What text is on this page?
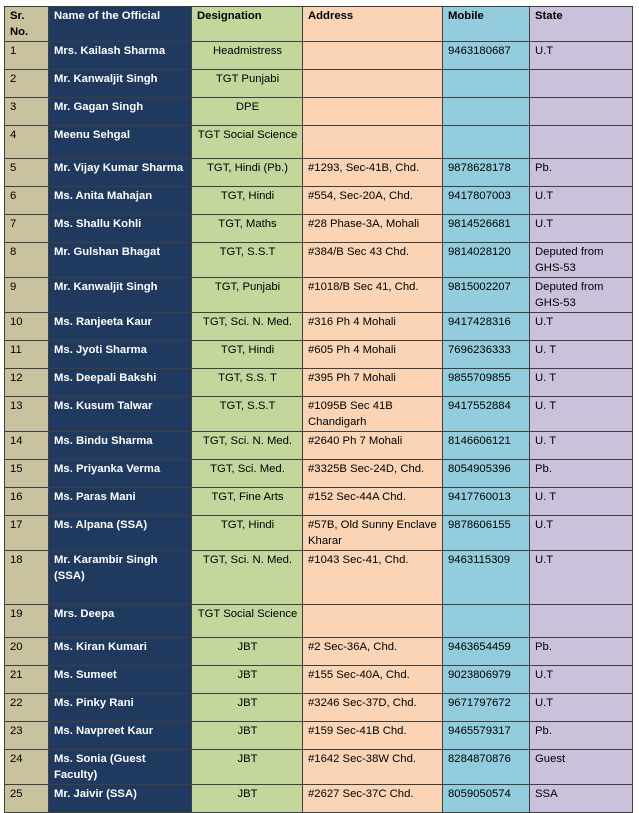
Sr. No.	Name of the Official	Designation	Address	Mobile	State
1	Mrs. Kailash Sharma	Headmistress		9463180687	U.T
2	Mr. Kanwaljit Singh	TGT Punjabi			
3	Mr. Gagan Singh	DPE			
4	Meenu Sehgal	TGT Social Science			
5	Mr. Vijay Kumar Sharma	TGT, Hindi (Pb.)	#1293, Sec-41B, Chd.	9878628178	Pb.
6	Ms. Anita Mahajan	TGT, Hindi	#554, Sec-20A, Chd.	9417807003	U.T
7	Ms. Shallu Kohli	TGT, Maths	#28 Phase-3A, Mohali	9814526681	U.T
8	Mr. Gulshan Bhagat	TGT, S.S.T	#384/B Sec 43 Chd.	9814028120	Deputed from GHS-53
9	Mr. Kanwaljit Singh	TGT, Punjabi	#1018/B Sec 41, Chd.	9815002207	Deputed from GHS-53
10	Ms. Ranjeeta Kaur	TGT, Sci. N. Med.	#316 Ph 4 Mohali	9417428316	U.T
11	Ms. Jyoti Sharma	TGT, Hindi	#605 Ph 4 Mohali	7696236333	U. T
12	Ms. Deepali Bakshi	TGT, S.S. T	#395 Ph 7 Mohali	9855709855	U. T
13	Ms. Kusum Talwar	TGT, S.S.T	#1095B Sec 41B Chandigarh	9417552884	U. T
14	Ms. Bindu Sharma	TGT, Sci. N. Med.	#2640 Ph 7 Mohali	8146606121	U. T
15	Ms. Priyanka Verma	TGT, Sci. Med.	#3325B Sec-24D, Chd.	8054905396	Pb.
16	Ms. Paras Mani	TGT, Fine Arts	#152 Sec-44A Chd.	9417760013	U. T
17	Ms. Alpana (SSA)	TGT, Hindi	#57B, Old Sunny Enclave Kharar	9878606155	U.T
18	Mr. Karambir Singh (SSA)	TGT, Sci. N. Med.	#1043 Sec-41, Chd.	9463115309	U.T
19	Mrs. Deepa	TGT Social Science			
20	Ms. Kiran Kumari	JBT	#2 Sec-36A, Chd.	9463654459	Pb.
21	Ms. Sumeet	JBT	#155 Sec-40A, Chd.	9023806979	U.T
22	Ms. Pinky Rani	JBT	#3246 Sec-37D, Chd.	9671797672	U.T
23	Ms. Navpreet Kaur	JBT	#159 Sec-41B Chd.	9465579317	Pb.
24	Ms. Sonia (Guest Faculty)	JBT	#1642 Sec-38W Chd.	8284870876	Guest
25	Mr. Jaivir (SSA)	JBT	#2627 Sec-37C Chd.	8059050574	SSA
